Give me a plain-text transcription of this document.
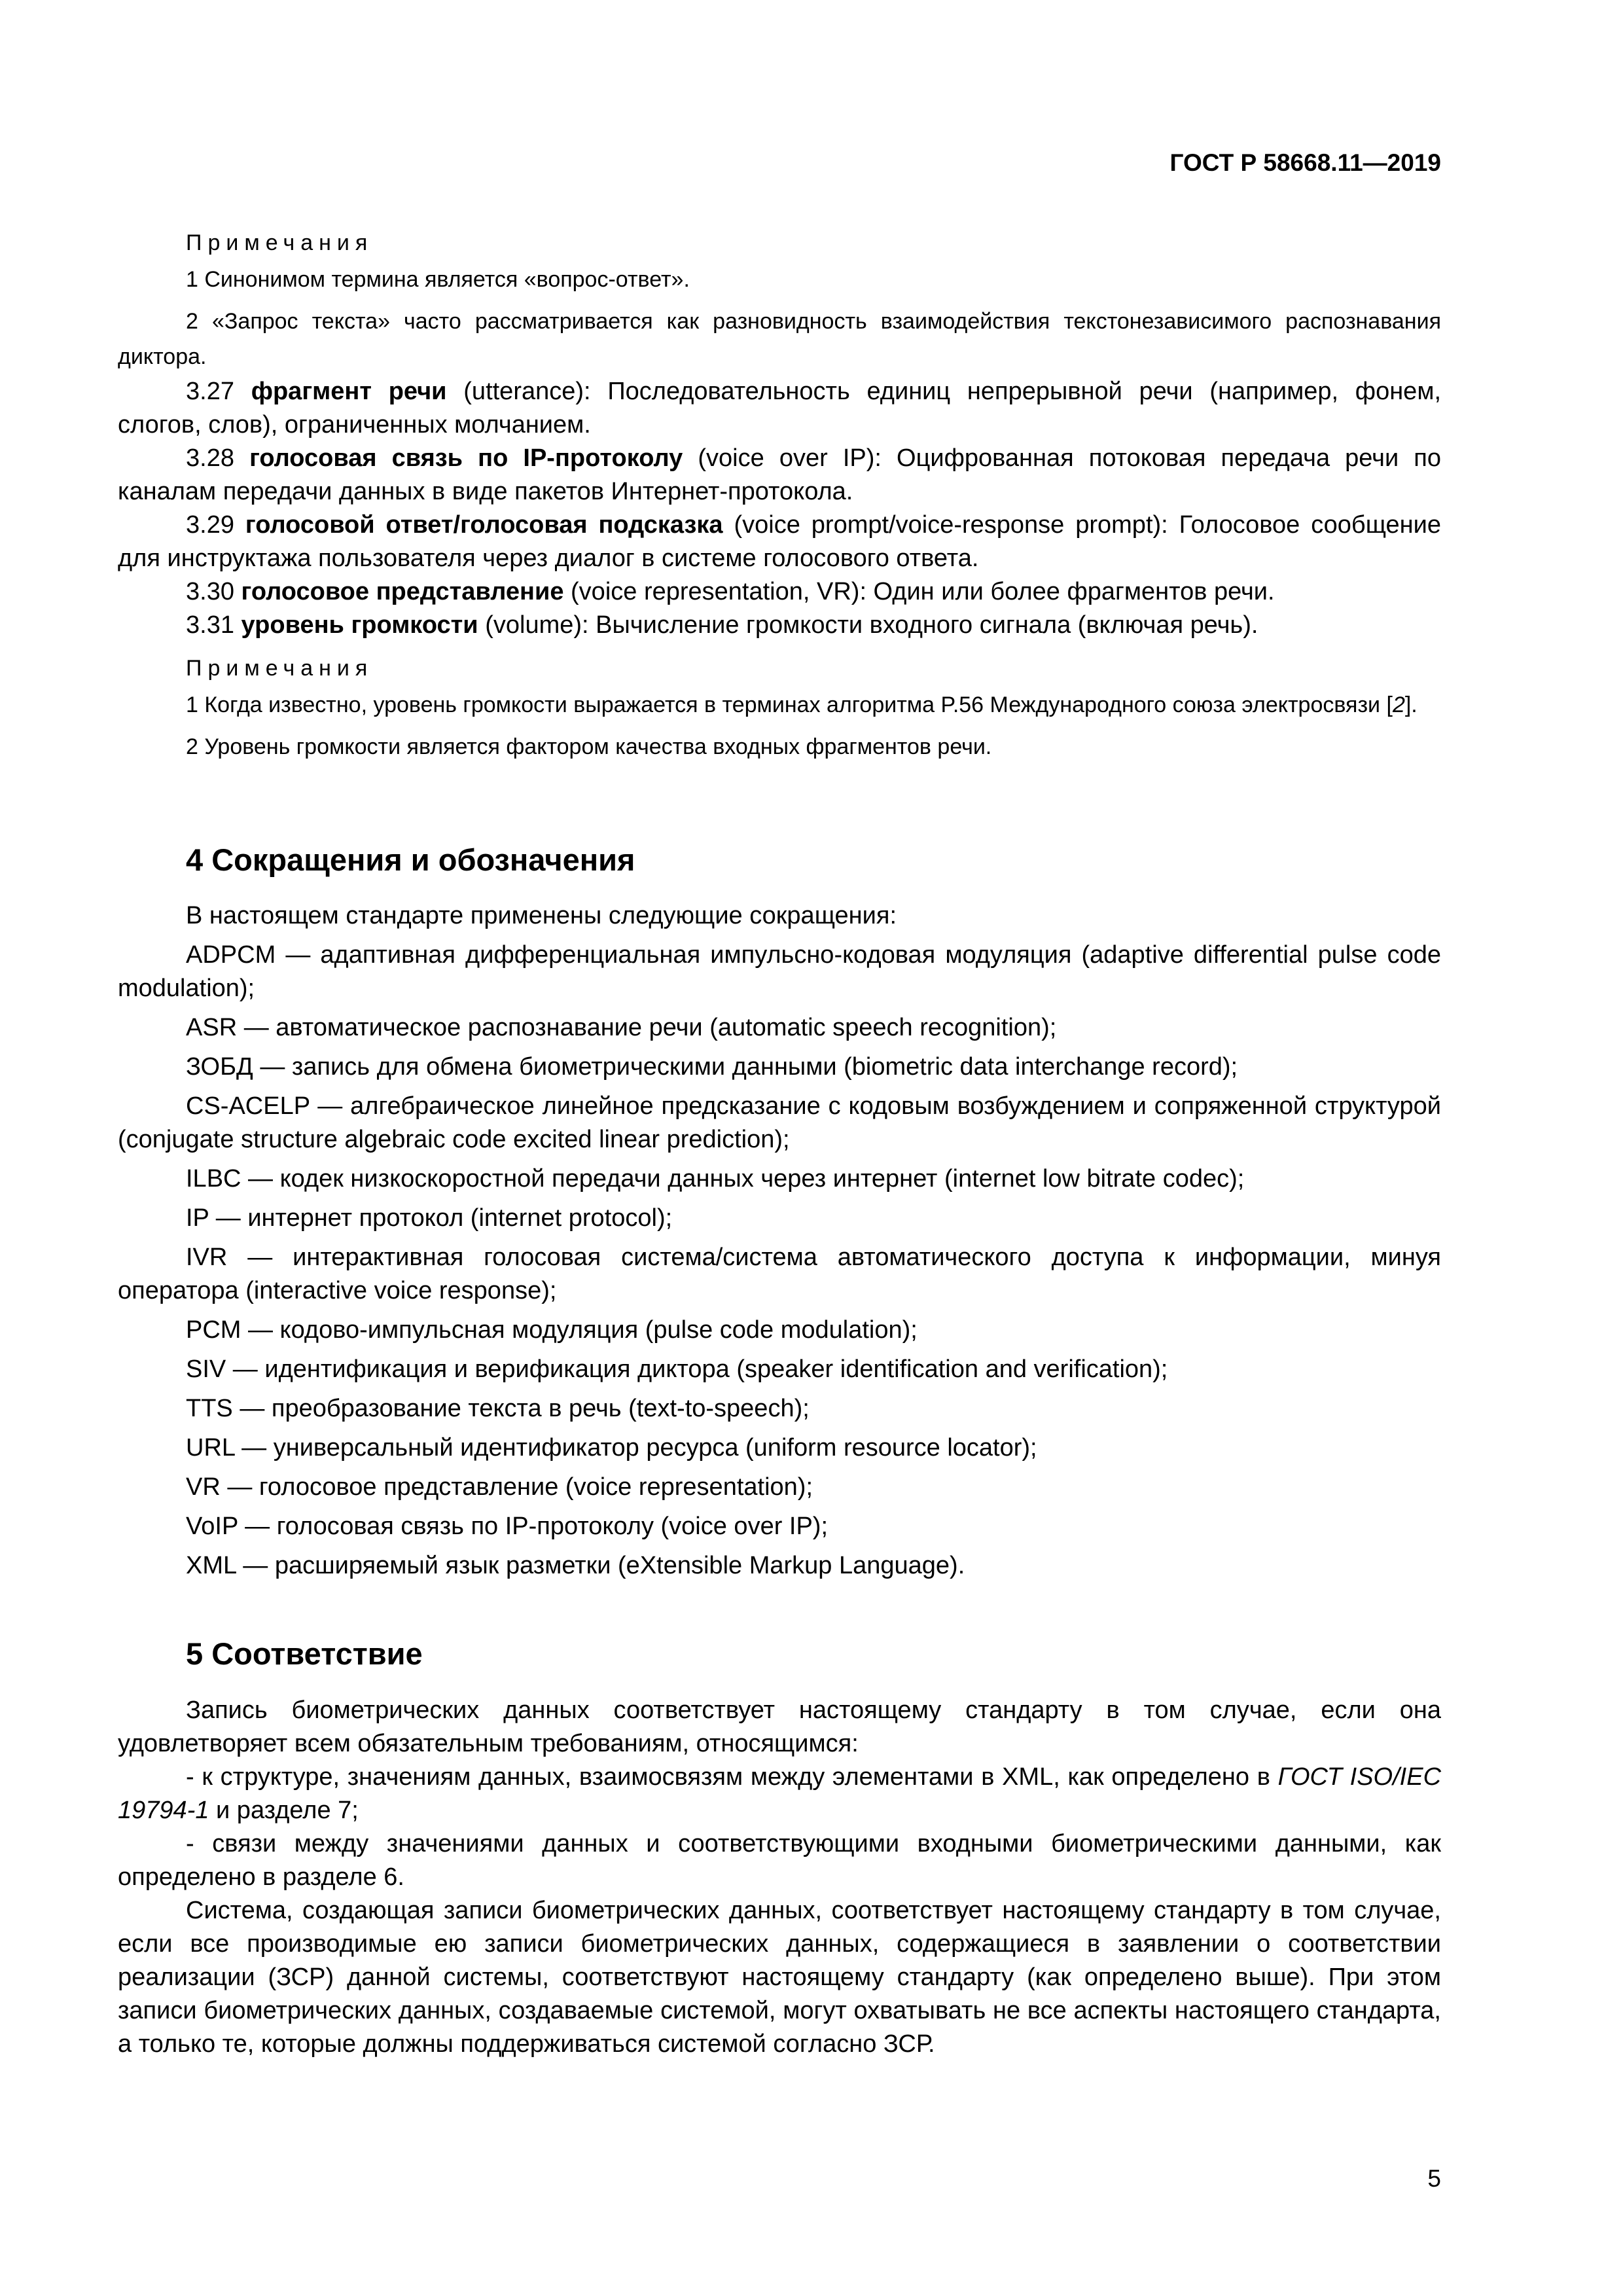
ГОСТ Р 58668.11—2019

Примечания

1 Синонимом термина является «вопрос-ответ».

2 «Запрос текста» часто рассматривается как разновидность взаимодействия текстонезависимого распознавания диктора.

3.27 фрагмент речи (utterance): Последовательность единиц непрерывной речи (например, фонем, слогов, слов), ограниченных молчанием.

3.28 голосовая связь по IP-протоколу (voice over IP): Оцифрованная потоковая передача речи по каналам передачи данных в виде пакетов Интернет-протокола.

3.29 голосовой ответ/голосовая подсказка (voice prompt/voice-response prompt): Голосовое сообщение для инструктажа пользователя через диалог в системе голосового ответа.

3.30 голосовое представление (voice representation, VR): Один или более фрагментов речи.

3.31 уровень громкости (volume): Вычисление громкости входного сигнала (включая речь).

Примечания

1 Когда известно, уровень громкости выражается в терминах алгоритма P.56 Международного союза электросвязи [2].

2 Уровень громкости является фактором качества входных фрагментов речи.

4 Сокращения и обозначения

В настоящем стандарте применены следующие сокращения:

ADPCM — адаптивная дифференциальная импульсно-кодовая модуляция (adaptive differential pulse code modulation);

ASR — автоматическое распознавание речи (automatic speech recognition);

ЗОБД — запись для обмена биометрическими данными (biometric data interchange record);

CS-ACELP — алгебраическое линейное предсказание с кодовым возбуждением и сопряженной структурой (conjugate structure algebraic code excited linear prediction);

ILBC — кодек низкоскоростной передачи данных через интернет (internet low bitrate codec);

IP — интернет протокол (internet protocol);

IVR — интерактивная голосовая система/система автоматического доступа к информации, минуя оператора (interactive voice response);

PCM — кодово-импульсная модуляция (pulse code modulation);

SIV — идентификация и верификация диктора (speaker identification and verification);

TTS — преобразование текста в речь (text-to-speech);

URL — универсальный идентификатор ресурса (uniform resource locator);

VR — голосовое представление (voice representation);

VoIP — голосовая связь по IP-протоколу (voice over IP);

XML — расширяемый язык разметки (eXtensible Markup Language).

5 Соответствие

Запись биометрических данных соответствует настоящему стандарту в том случае, если она удовлетворяет всем обязательным требованиям, относящимся:

- к структуре, значениям данных, взаимосвязям между элементами в XML, как определено в ГОСТ ISO/IEC 19794-1 и разделе 7;

- связи между значениями данных и соответствующими входными биометрическими данными, как определено в разделе 6.

Система, создающая записи биометрических данных, соответствует настоящему стандарту в том случае, если все производимые ею записи биометрических данных, содержащиеся в заявлении о соответствии реализации (ЗСР) данной системы, соответствуют настоящему стандарту (как определено выше). При этом записи биометрических данных, создаваемые системой, могут охватывать не все аспекты настоящего стандарта, а только те, которые должны поддерживаться системой согласно ЗСР.

5
